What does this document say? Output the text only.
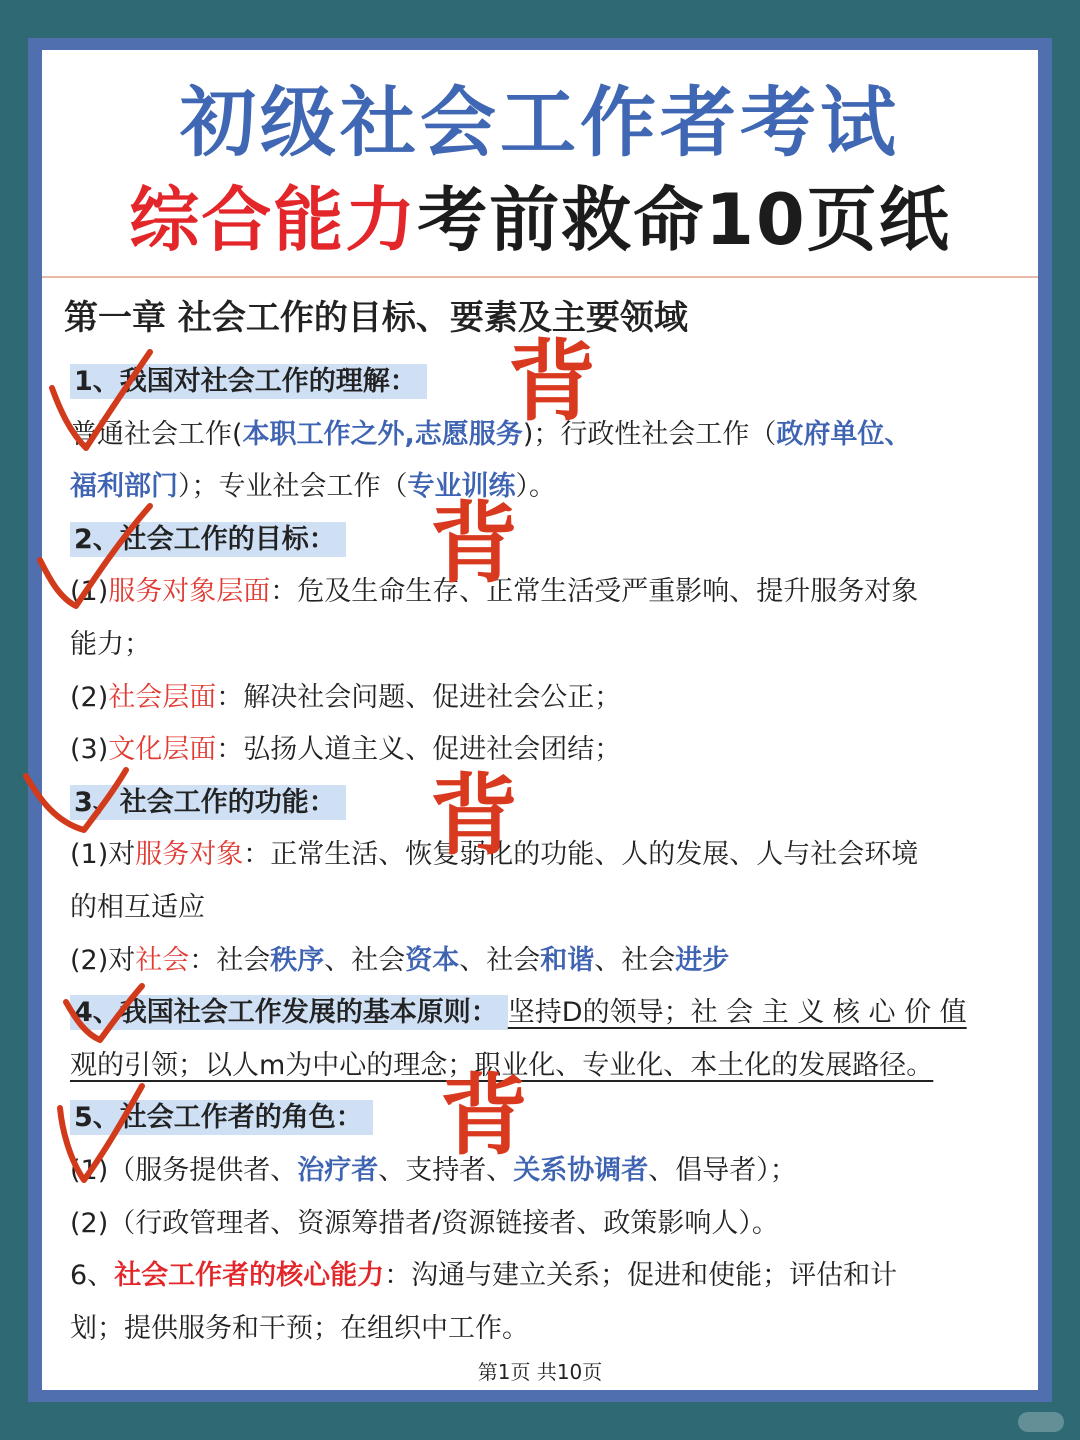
初级社会工作者考试
综合能力考前救命10页纸
第一章 社会工作的目标、要素及主要领域
1、我国对社会工作的理解：
普通社会工作(本职工作之外,志愿服务)；行政性社会工作（政府单位、
福利部门）；专业社会工作（专业训练）。
2、社会工作的目标：
(1)服务对象层面：危及生命生存、正常生活受严重影响、提升服务对象
能力；
(2)社会层面：解决社会问题、促进社会公正；
(3)文化层面：弘扬人道主义、促进社会团结；
3、社会工作的功能：
(1)对服务对象：正常生活、恢复弱化的功能、人的发展、人与社会环境
的相互适应
(2)对社会：社会秩序、社会资本、社会和谐、社会进步
4、我国社会工作发展的基本原则： 坚持D的领导；社 会 主 义 核 心 价 值
观的引领；以人m为中心的理念；职业化、专业化、本土化的发展路径。
5、社会工作者的角色：
(1)（服务提供者、治疗者、支持者、关系协调者、倡导者）；
(2)（行政管理者、资源筹措者/资源链接者、政策影响人）。
6、社会工作者的核心能力：沟通与建立关系；促进和使能；评估和计
划；提供服务和干预；在组织中工作。
第1页 共10页
背
背
背
背
